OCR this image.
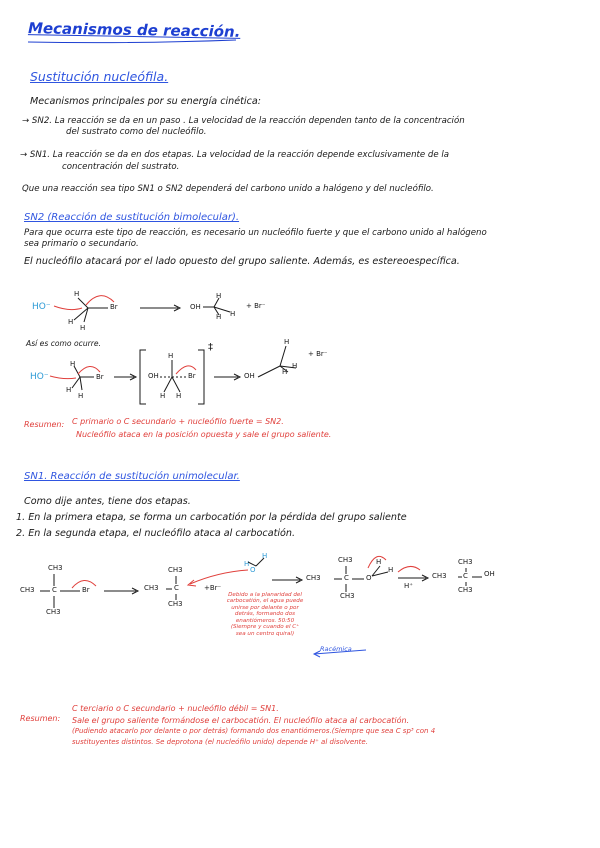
Mecanismos de reacción.
Sustitución nucleófila.
Mecanismos principales por su energía cinética:
→ SN2. La reacción se da en un paso . La velocidad de la reacción dependen tanto de la concentración
del sustrato como del nucleófilo.
→ SN1. La reacción se da en dos etapas. La velocidad de la reacción depende exclusivamente de la
concentración del sustrato.
Que una reacción sea tipo SN1 o SN2 dependerá del carbono unido a halógeno y del nucleófilo.
SN2 (Reacción de sustitución bimolecular).
Para que ocurra este tipo de reacción, es necesario un nucleófilo fuerte y que el carbono unido al halógeno
sea primario o secundario.
El nucleófilo atacará por el lado opuesto del grupo saliente. Además, es estereoespecífica.
HO⁻
H
H
H
Br	OH
H
H H
+ Br⁻
Así es como ocurre.
HO⁻
H
H
H
Br	OH
H
H H
Br
‡
OH
H
H
H
+ Br⁻
Resumen: C primario o C secundario + nucleófilo fuerte = SN2.
Nucleófilo ataca en la posición opuesta y sale el grupo saliente.
SN1. Reacción de sustitución unimolecular.
Como dije antes, tiene dos etapas.
1. En la primera etapa, se forma un carbocatión por la pérdida del grupo saliente
2. En la segunda etapa, el nucleófilo ataca al carbocatión.
CH3
CH3 C	Br
CH3
CH3
CH3 C
CH3
+Br⁻
H
H
O
CH3
CH3	C O
H
H
CH3
H⁺
CH3
CH3 C OH
CH3
Debido a la planaridad del carbocatión, el agua puede unirse por delante o por detrás, formando dos enantiómeros. 50:50 (Siempre y cuando el C⁺ sea un centro quiral)
Racémica
Resumen:
C terciario o C secundario + nucleófilo débil = SN1.
Sale el grupo saliente formándose el carbocatión. El nucleófilo ataca al carbocatión.
(Pudiendo atacarlo por delante o por detrás) formando dos enantiómeros.(Siempre que sea C sp³ con 4
sustituyentes distintos. Se deprotona (el nucleófilo unido) depende H⁺ al disolvente.
